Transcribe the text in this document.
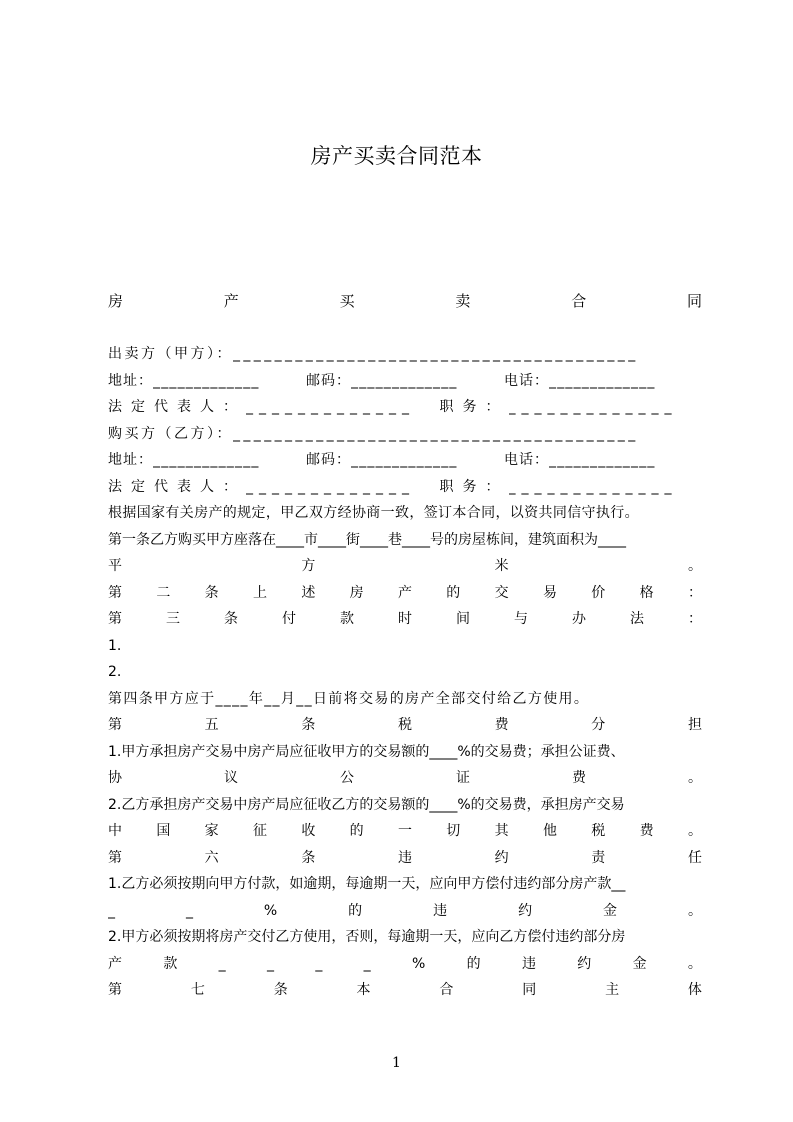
房产买卖合同范本
房	产	买	卖	合	同
出卖方（甲方）： _______________________________________
地址： _____________	邮码： _____________	电话： _____________
法定代表人： _____________	职务： _____________
购买方（乙方）： _______________________________________
地址： _____________	邮码： _____________	电话： _____________
法定代表人： _____________	职务： _____________
根据国家有关房产的规定，甲乙双方经协商一致，签订本合同，以资共同信守执行。
第一条乙方购买甲方座落在____市____街____巷____号的房屋栋间，建筑面积为____
平	方	米	。
第 二 条 上 述 房 产 的 交 易 价 格 ：
第	三	条	付	款	时	间	与	办	法	：
1.
2.
第四条甲方应于____年__月__日前将交易的房产全部交付给乙方使用。
第	五	条	税	费	分	担
1.甲方承担房产交易中房产局应征收甲方的交易额的____%的交易费；承担公证费、
协	议	公	证	费	。
2.乙方承担房产交易中房产局应征收乙方的交易额的____%的交易费，承担房产交易
中 国 家 征 收 的 一 切 其 他 税 费 。
第	六	条	违	约	责	任
1.乙方必须按期向甲方付款，如逾期，每逾期一天，应向甲方偿付违约部分房产款__
_	_	%	的	违	约	金	。
2.甲方必须按期将房产交付乙方使用，否则，每逾期一天，应向乙方偿付违约部分房
产	款	_	_	_	_	%	的	违	约	金	。
第	七	条	本	合	同	主	体
1
